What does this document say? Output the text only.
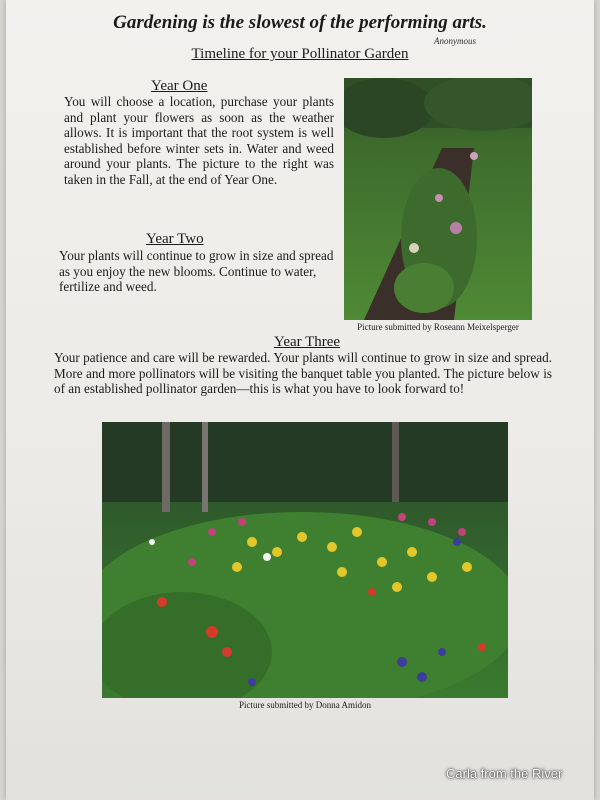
Gardening is the slowest of the performing arts.
Anonymous
Timeline for your Pollinator Garden
Year One
You will choose a location, purchase your plants and plant your flowers as soon as the weather allows. It is important that the root system is well established before winter sets in. Water and weed around your plants. The picture to the right was taken in the Fall, at the end of Year One.
Picture submitted by Roseann Meixelsperger
Year Two
Your plants will continue to grow in size and spread as you enjoy the new blooms. Continue to water, fertilize and weed.
Year Three
Your patience and care will be rewarded. Your plants will continue to grow in size and spread. More and more pollinators will be visiting the banquet table you planted. The picture below is of an established pollinator garden—this is what you have to look forward to!
Picture submitted by Donna Amidon
Carla from the River
